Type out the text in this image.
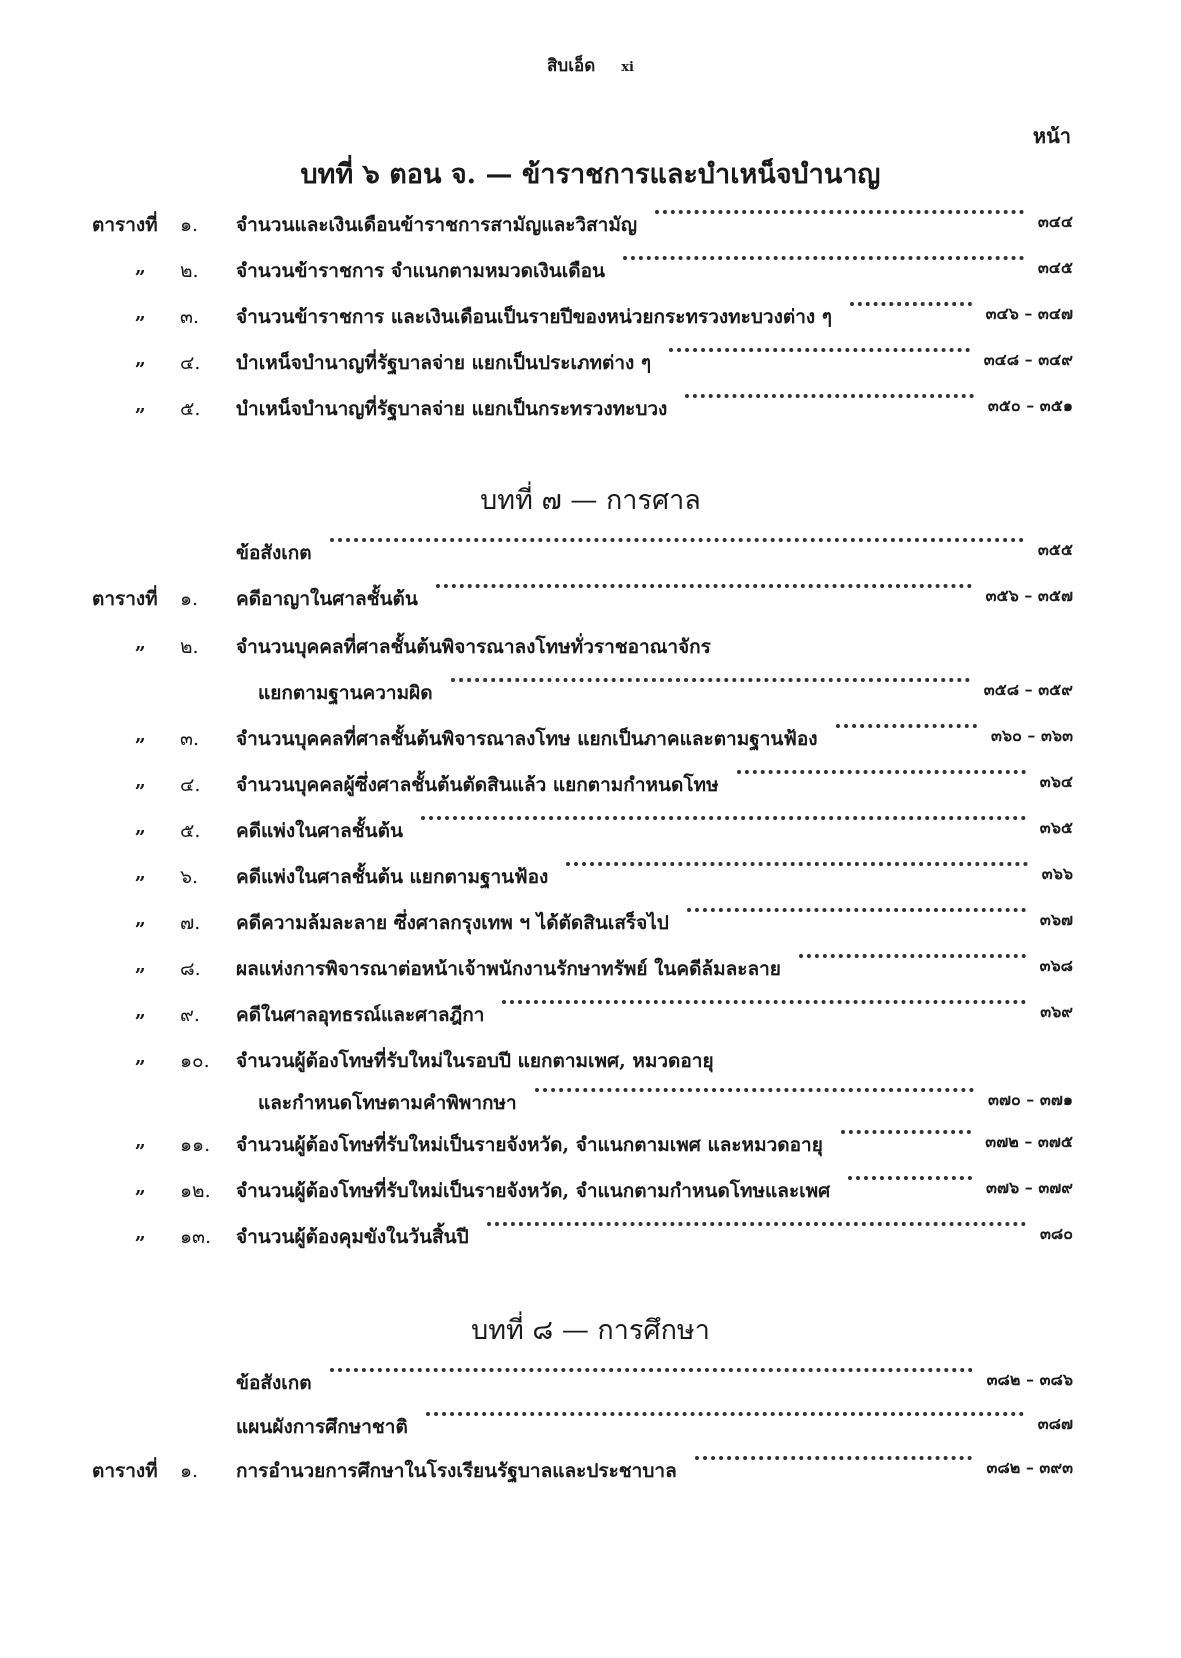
สิบเอ็ด xi
หน้า
บทที่ ๖ ตอน จ. — ข้าราชการและบำเหน็จบำนาญ
ตารางที่ ๑. จำนวนและเงินเดือนข้าราชการสามัญและวิสามัญ	๓๔๔
„ ๒. จำนวนข้าราชการ จำแนกตามหมวดเงินเดือน	๓๔๕
„ ๓. จำนวนข้าราชการ และเงินเดือนเป็นรายปีของหน่วยกระทรวงทะบวงต่าง ๆ	๓๔๖ – ๓๔๗
„ ๔. บำเหน็จบำนาญที่รัฐบาลจ่าย แยกเป็นประเภทต่าง ๆ	๓๔๘ – ๓๔๙
„ ๕. บำเหน็จบำนาญที่รัฐบาลจ่าย แยกเป็นกระทรวงทะบวง	๓๕๐ – ๓๕๑
บทที่ ๗ — การศาล
ข้อสังเกต	๓๕๕
ตารางที่ ๑. คดีอาญาในศาลชั้นต้น	๓๕๖ – ๓๕๗
„ ๒. จำนวนบุคคลที่ศาลชั้นต้นพิจารณาลงโทษทั่วราชอาณาจักร
แยกตามฐานความผิด	๓๕๘ – ๓๕๙
„ ๓. จำนวนบุคคลที่ศาลชั้นต้นพิจารณาลงโทษ แยกเป็นภาคและตามฐานฟ้อง	๓๖๐ – ๓๖๓
„ ๔. จำนวนบุคคลผู้ซึ่งศาลชั้นต้นตัดสินแล้ว แยกตามกำหนดโทษ	๓๖๔
„ ๕. คดีแพ่งในศาลชั้นต้น	๓๖๕
„ ๖. คดีแพ่งในศาลชั้นต้น แยกตามฐานฟ้อง	๓๖๖
„ ๗. คดีความล้มละลาย ซึ่งศาลกรุงเทพ ฯ ได้ตัดสินเสร็จไป	๓๖๗
„ ๘. ผลแห่งการพิจารณาต่อหน้าเจ้าพนักงานรักษาทรัพย์ ในคดีล้มละลาย	๓๖๘
„ ๙. คดีในศาลอุทธรณ์และศาลฎีกา	๓๖๙
„ ๑๐. จำนวนผู้ต้องโทษที่รับใหม่ในรอบปี แยกตามเพศ, หมวดอายุ
และกำหนดโทษตามคำพิพากษา	๓๗๐ – ๓๗๑
„ ๑๑. จำนวนผู้ต้องโทษที่รับใหม่เป็นรายจังหวัด, จำแนกตามเพศ และหมวดอายุ	๓๗๒ – ๓๗๕
„ ๑๒. จำนวนผู้ต้องโทษที่รับใหม่เป็นรายจังหวัด, จำแนกตามกำหนดโทษและเพศ	๓๗๖ – ๓๗๙
„ ๑๓. จำนวนผู้ต้องคุมขังในวันสิ้นปี	๓๘๐
บทที่ ๘ — การศึกษา
ข้อสังเกต	๓๘๒ – ๓๘๖
แผนผังการศึกษาชาติ	๓๘๗
ตารางที่ ๑. การอำนวยการศึกษาในโรงเรียนรัฐบาลและประชาบาล	๓๘๒ – ๓๙๓
